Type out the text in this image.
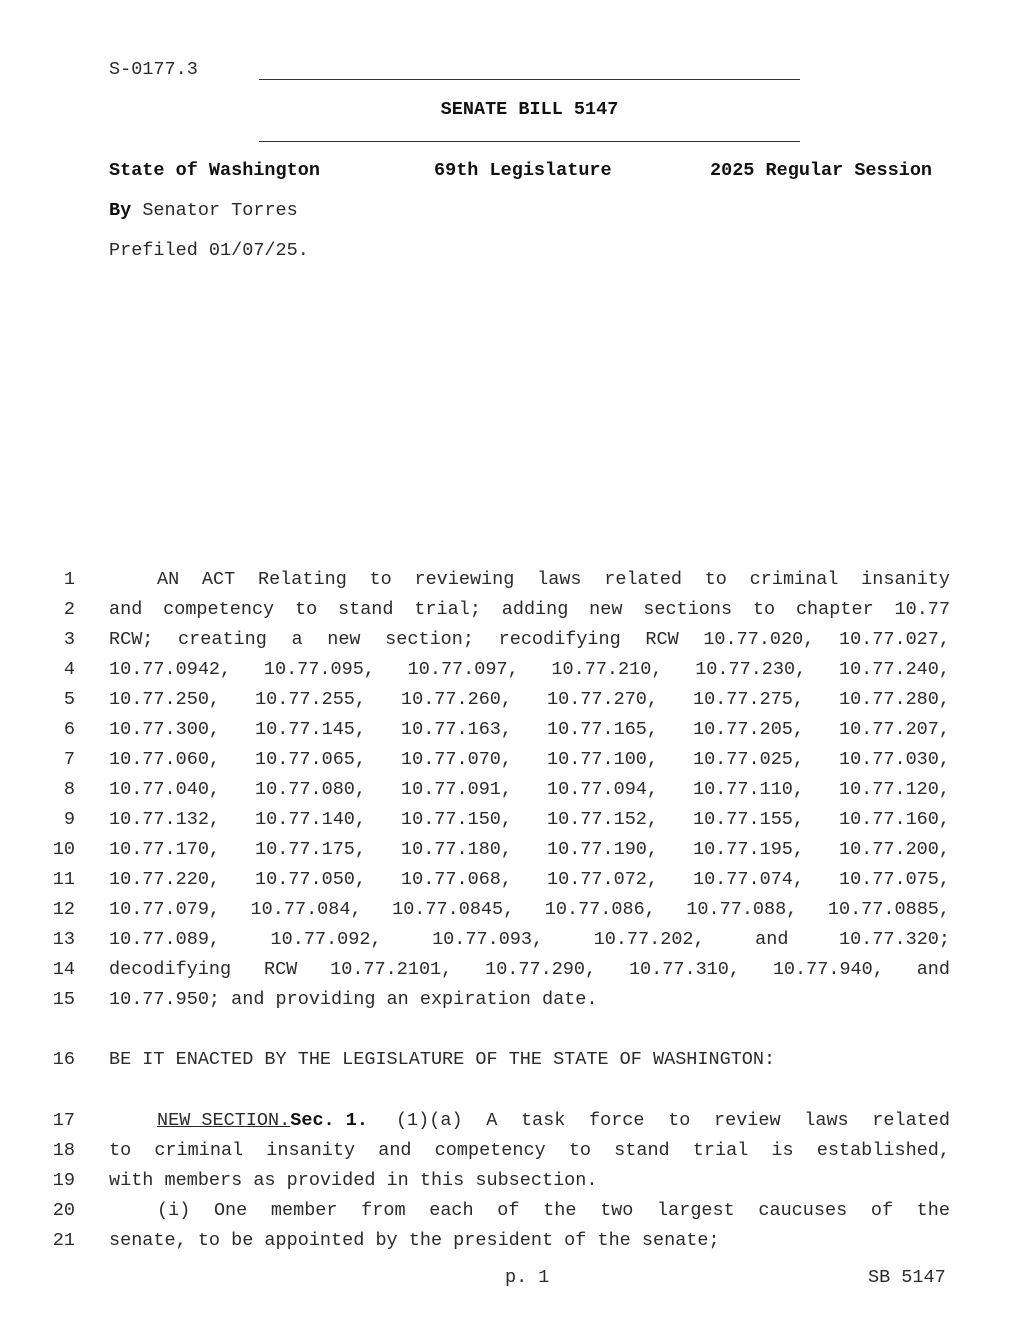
S-0177.3
SENATE BILL 5147
State of Washington	69th Legislature	2025 Regular Session
By Senator Torres
Prefiled 01/07/25.
1	AN ACT Relating to reviewing laws related to criminal insanity
2 and competency to stand trial; adding new sections to chapter 10.77
3 RCW; creating a new section; recodifying RCW 10.77.020, 10.77.027,
4 10.77.0942, 10.77.095, 10.77.097, 10.77.210, 10.77.230, 10.77.240,
5 10.77.250, 10.77.255, 10.77.260, 10.77.270, 10.77.275, 10.77.280,
6 10.77.300, 10.77.145, 10.77.163, 10.77.165, 10.77.205, 10.77.207,
7 10.77.060, 10.77.065, 10.77.070, 10.77.100, 10.77.025, 10.77.030,
8 10.77.040, 10.77.080, 10.77.091, 10.77.094, 10.77.110, 10.77.120,
9 10.77.132, 10.77.140, 10.77.150, 10.77.152, 10.77.155, 10.77.160,
10 10.77.170, 10.77.175, 10.77.180, 10.77.190, 10.77.195, 10.77.200,
11 10.77.220, 10.77.050, 10.77.068, 10.77.072, 10.77.074, 10.77.075,
12 10.77.079, 10.77.084, 10.77.0845, 10.77.086, 10.77.088, 10.77.0885,
13 10.77.089, 10.77.092, 10.77.093, 10.77.202, and 10.77.320;
14 decodifying RCW 10.77.2101, 10.77.290, 10.77.310, 10.77.940, and
15 10.77.950; and providing an expiration date.
16 BE IT ENACTED BY THE LEGISLATURE OF THE STATE OF WASHINGTON:
17	NEW SECTION. Sec. 1.	(1)(a) A task force to review laws related
18 to criminal insanity and competency to stand trial is established,
19 with members as provided in this subsection.
20	(i) One member from each of the two largest caucuses of the
21 senate, to be appointed by the president of the senate;
p. 1	SB 5147
